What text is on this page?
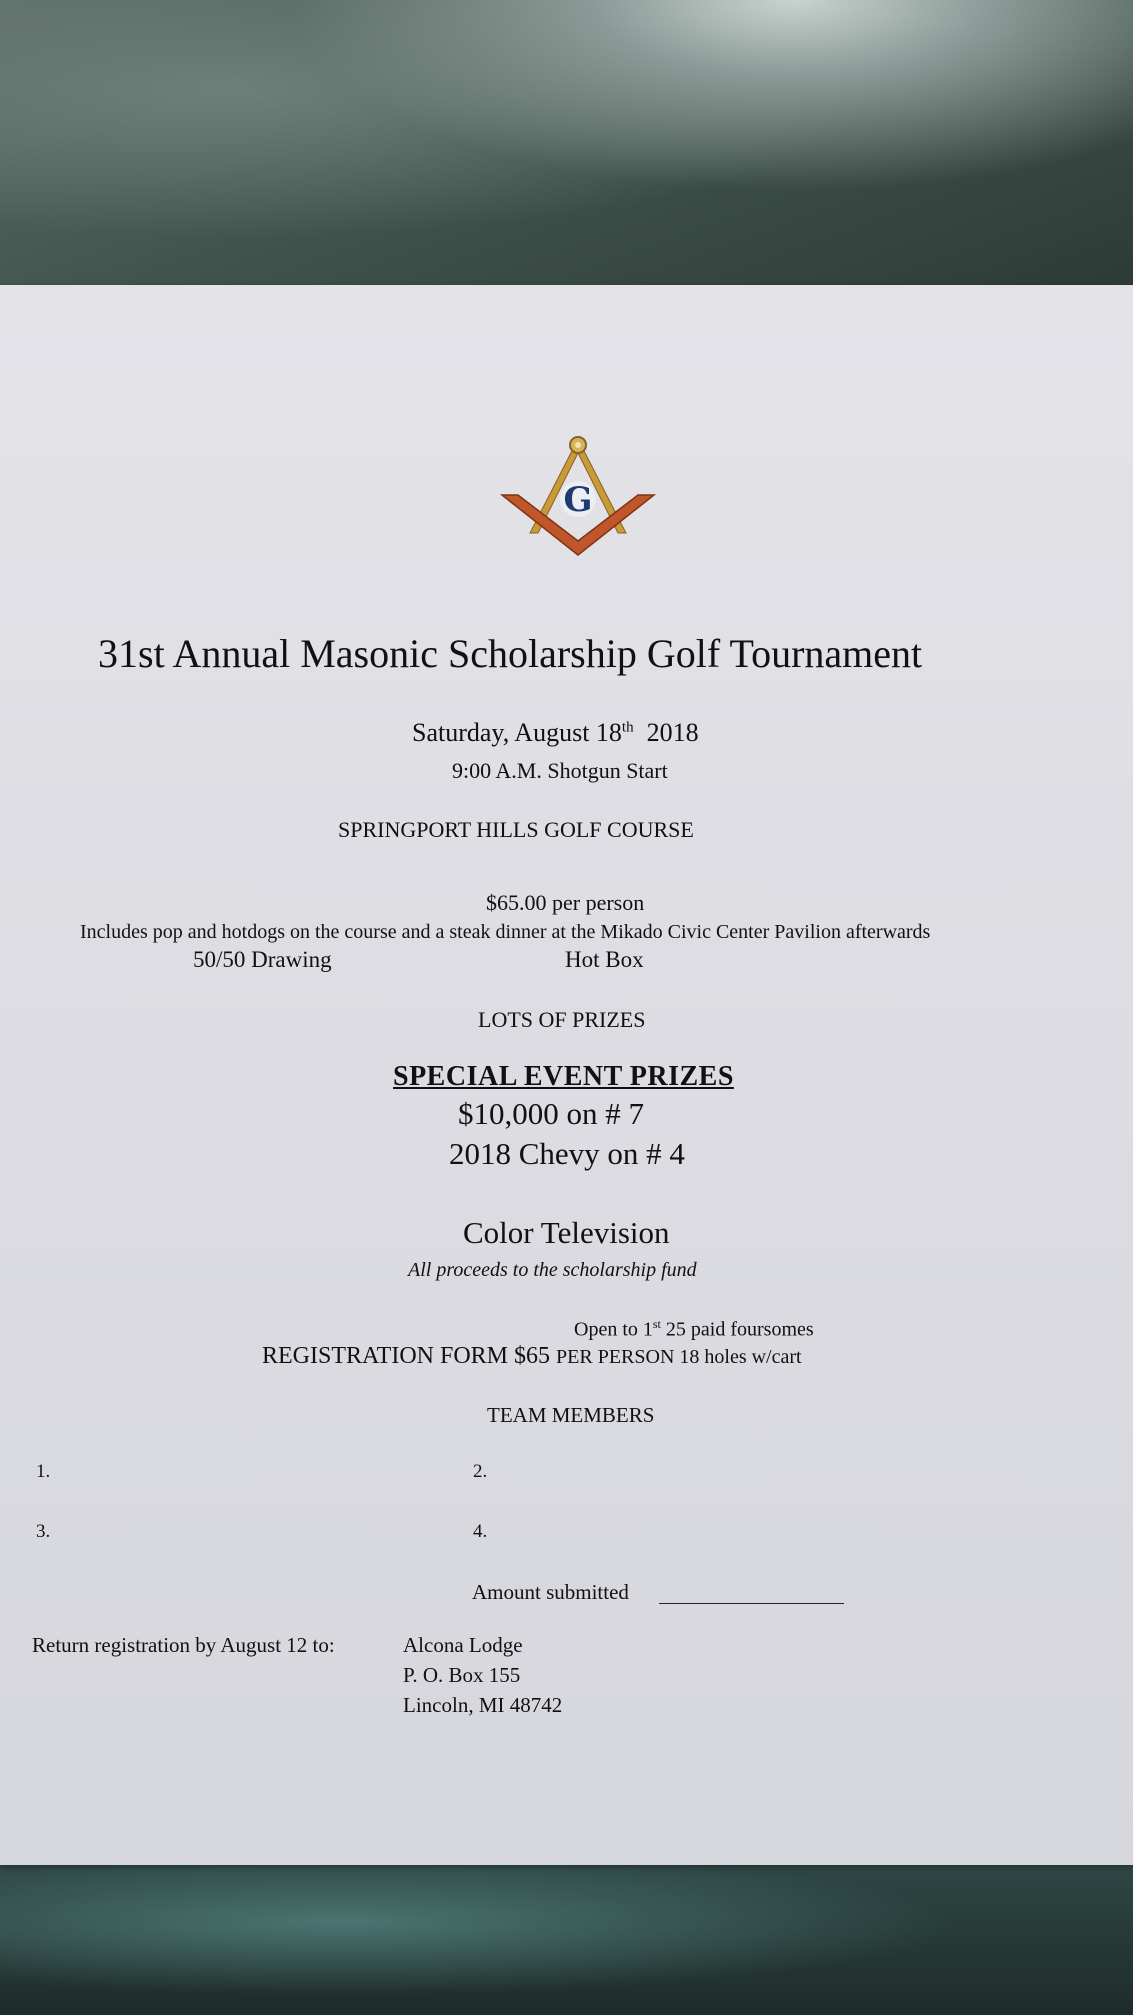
G
31st Annual Masonic Scholarship Golf Tournament
Saturday, August 18th 2018
9:00 A.M. Shotgun Start
SPRINGPORT HILLS GOLF COURSE
$65.00 per person
Includes pop and hotdogs on the course and a steak dinner at the Mikado Civic Center Pavilion afterwards
50/50 Drawing	Hot Box
LOTS OF PRIZES
SPECIAL EVENT PRIZES
$10,000 on # 7
2018 Chevy on # 4
Color Television
All proceeds to the scholarship fund
Open to 1st 25 paid foursomes
REGISTRATION FORM $65 PER PERSON 18 holes w/cart
TEAM MEMBERS
1.	2.
3.	4.
Amount submitted
Return registration by August 12 to:	Alcona Lodge
P. O. Box 155
Lincoln, MI 48742
